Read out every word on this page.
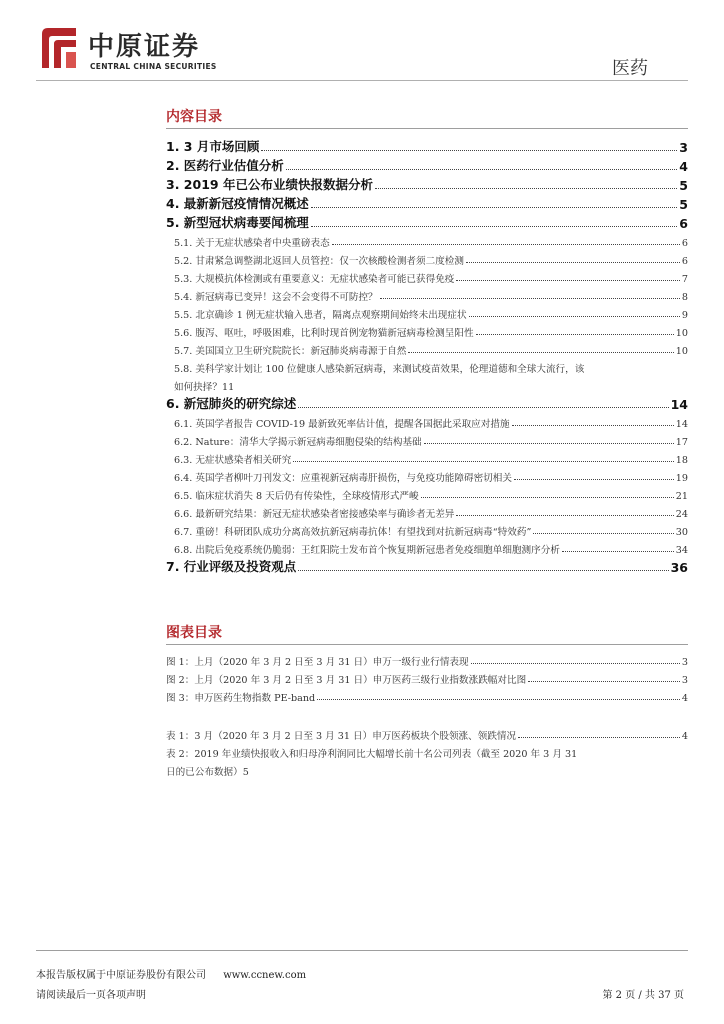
中原证券
CENTRAL CHINA SECURITIES	医药
内容目录
1. 3 月市场回顾	3
2. 医药行业估值分析	4
3. 2019 年已公布业绩快报数据分析	5
4. 最新新冠疫情情况概述	5
5. 新型冠状病毒要闻梳理	6
5.1. 关于无症状感染者中央重磅表态	6
5.2. 甘肃紧急调整湖北返回人员管控：仅一次核酸检测者须二度检测	6
5.3. 大规模抗体检测或有重要意义：无症状感染者可能已获得免疫	7
5.4. 新冠病毒已变异！这会不会变得不可防控？	8
5.5. 北京确诊 1 例无症状输入患者，隔离点观察期间始终未出现症状	9
5.6. 腹泻、呕吐，呼吸困难，比利时现首例宠物猫新冠病毒检测呈阳性	10
5.7. 美国国立卫生研究院院长：新冠肺炎病毒源于自然	10
5.8. 美科学家计划让 100 位健康人感染新冠病毒，来测试疫苗效果，伦理道德和全球大流行，该
如何抉择？ 11
6. 新冠肺炎的研究综述	14
6.1. 英国学者报告 COVID-19 最新致死率估计值，提醒各国据此采取应对措施	14
6.2. Nature：清华大学揭示新冠病毒细胞侵染的结构基础	17
6.3. 无症状感染者相关研究	18
6.4. 英国学者柳叶刀刊发文：应重视新冠病毒肝损伤，与免疫功能障碍密切相关	19
6.5. 临床症状消失 8 天后仍有传染性，全球疫情形式严峻	21
6.6. 最新研究结果：新冠无症状感染者密接感染率与确诊者无差异	24
6.7. 重磅！科研团队成功分离高效抗新冠病毒抗体！有望找到对抗新冠病毒“特效药”	30
6.8. 出院后免疫系统仍脆弱：王红阳院士发布首个恢复期新冠患者免疫细胞单细胞测序分析	34
7. 行业评级及投资观点	36
图表目录
图 1：上月（2020 年 3 月 2 日至 3 月 31 日）申万一级行业行情表现	3
图 2：上月（2020 年 3 月 2 日至 3 月 31 日）申万医药三级行业指数涨跌幅对比图	3
图 3：申万医药生物指数 PE-band	4
表 1：3 月（2020 年 3 月 2 日至 3 月 31 日）申万医药板块个股领涨、领跌情况	4
表 2：2019 年业绩快报收入和归母净利润同比大幅增长前十名公司列表（截至 2020 年 3 月 31
日的已公布数据） 5
本报告版权属于中原证券股份有限公司 www.ccnew.com
请阅读最后一页各项声明	第 2 页 / 共 37 页
